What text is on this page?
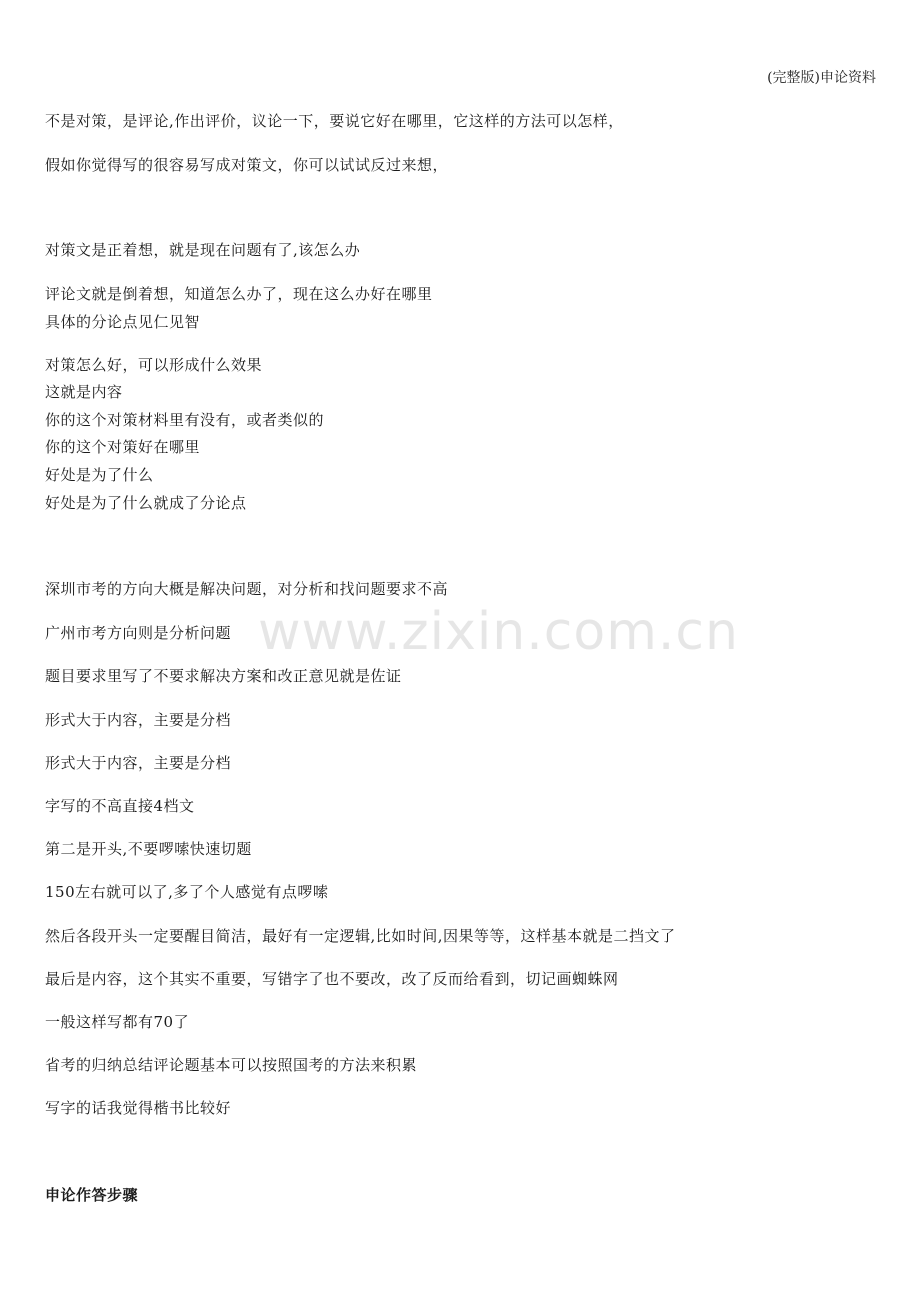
(完整版)申论资料
www.zixin.com.cn
不是对策，是评论,作出评价，议论一下，要说它好在哪里，它这样的方法可以怎样，
假如你觉得写的很容易写成对策文，你可以试试反过来想，
对策文是正着想，就是现在问题有了,该怎么办
评论文就是倒着想，知道怎么办了，现在这么办好在哪里
具体的分论点见仁见智
对策怎么好，可以形成什么效果
这就是内容
你的这个对策材料里有没有，或者类似的
你的这个对策好在哪里
好处是为了什么
好处是为了什么就成了分论点
深圳市考的方向大概是解决问题，对分析和找问题要求不高
广州市考方向则是分析问题
题目要求里写了不要求解决方案和改正意见就是佐证
形式大于内容，主要是分档
形式大于内容，主要是分档
字写的不高直接4档文
第二是开头,不要啰嗦快速切题
150左右就可以了,多了个人感觉有点啰嗦
然后各段开头一定要醒目简洁，最好有一定逻辑,比如时间,因果等等，这样基本就是二挡文了
最后是内容，这个其实不重要，写错字了也不要改，改了反而给看到，切记画蜘蛛网
一般这样写都有70了
省考的归纳总结评论题基本可以按照国考的方法来积累
写字的话我觉得楷书比较好
申论作答步骤
